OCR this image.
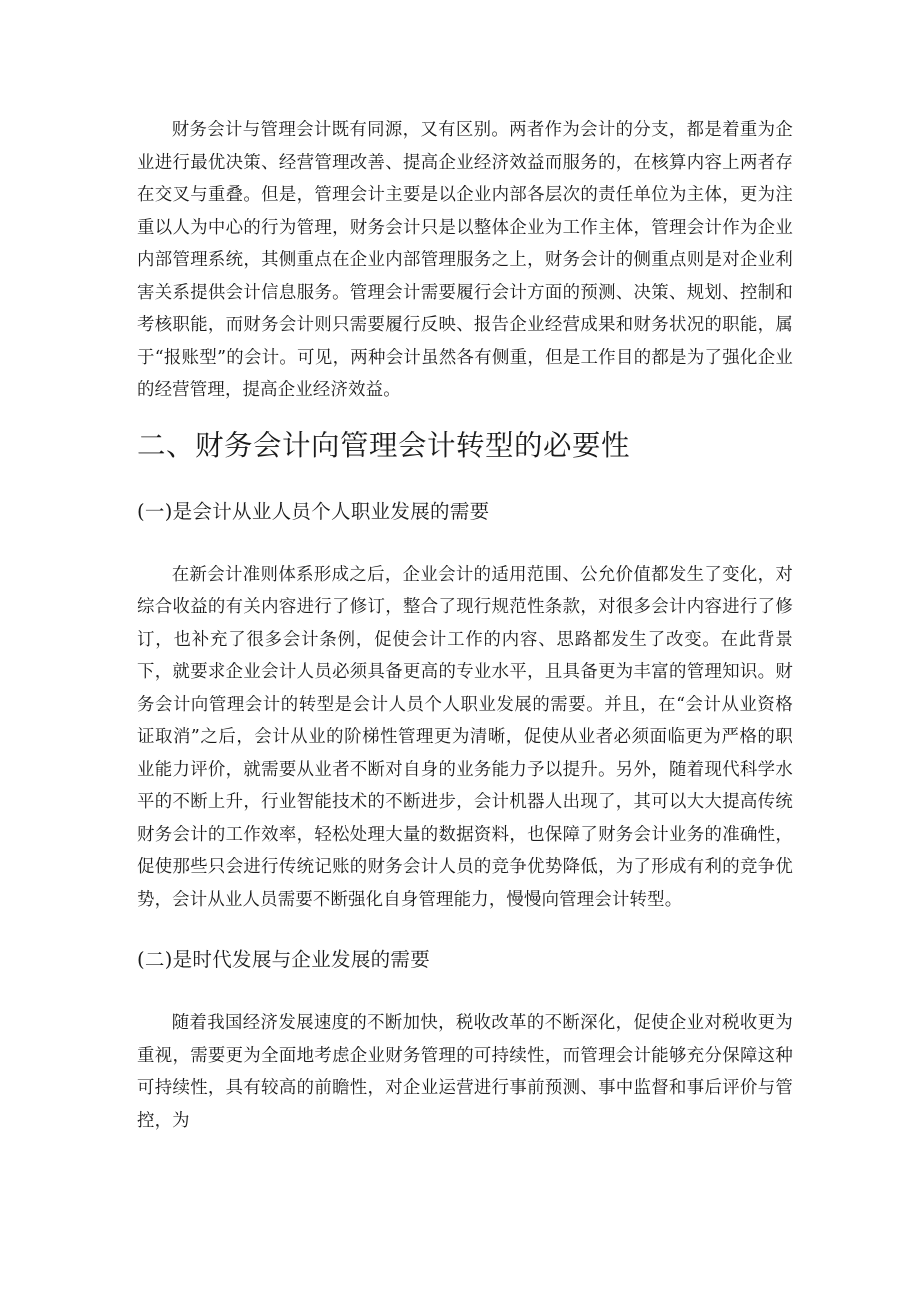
财务会计与管理会计既有同源，又有区别。两者作为会计的分支，都是着重为企业进行最优决策、经营管理改善、提高企业经济效益而服务的，在核算内容上两者存在交叉与重叠。但是，管理会计主要是以企业内部各层次的责任单位为主体，更为注重以人为中心的行为管理，财务会计只是以整体企业为工作主体，管理会计作为企业内部管理系统，其侧重点在企业内部管理服务之上，财务会计的侧重点则是对企业利害关系提供会计信息服务。管理会计需要履行会计方面的预测、决策、规划、控制和考核职能，而财务会计则只需要履行反映、报告企业经营成果和财务状况的职能，属于“报账型”的会计。可见，两种会计虽然各有侧重，但是工作目的都是为了强化企业的经营管理，提高企业经济效益。

二、财务会计向管理会计转型的必要性
(一)是会计从业人员个人职业发展的需要

在新会计准则体系形成之后，企业会计的适用范围、公允价值都发生了变化，对综合收益的有关内容进行了修订，整合了现行规范性条款，对很多会计内容进行了修订，也补充了很多会计条例，促使会计工作的内容、思路都发生了改变。在此背景下，就要求企业会计人员必须具备更高的专业水平，且具备更为丰富的管理知识。财务会计向管理会计的转型是会计人员个人职业发展的需要。并且，在“会计从业资格证取消”之后，会计从业的阶梯性管理更为清晰，促使从业者必须面临更为严格的职业能力评价，就需要从业者不断对自身的业务能力予以提升。另外，随着现代科学水平的不断上升，行业智能技术的不断进步，会计机器人出现了，其可以大大提高传统财务会计的工作效率，轻松处理大量的数据资料，也保障了财务会计业务的准确性，促使那些只会进行传统记账的财务会计人员的竞争优势降低，为了形成有利的竞争优势，会计从业人员需要不断强化自身管理能力，慢慢向管理会计转型。

(二)是时代发展与企业发展的需要

随着我国经济发展速度的不断加快，税收改革的不断深化，促使企业对税收更为重视，需要更为全面地考虑企业财务管理的可持续性，而管理会计能够充分保障这种可持续性，具有较高的前瞻性，对企业运营进行事前预测、事中监督和事后评价与管控，为
